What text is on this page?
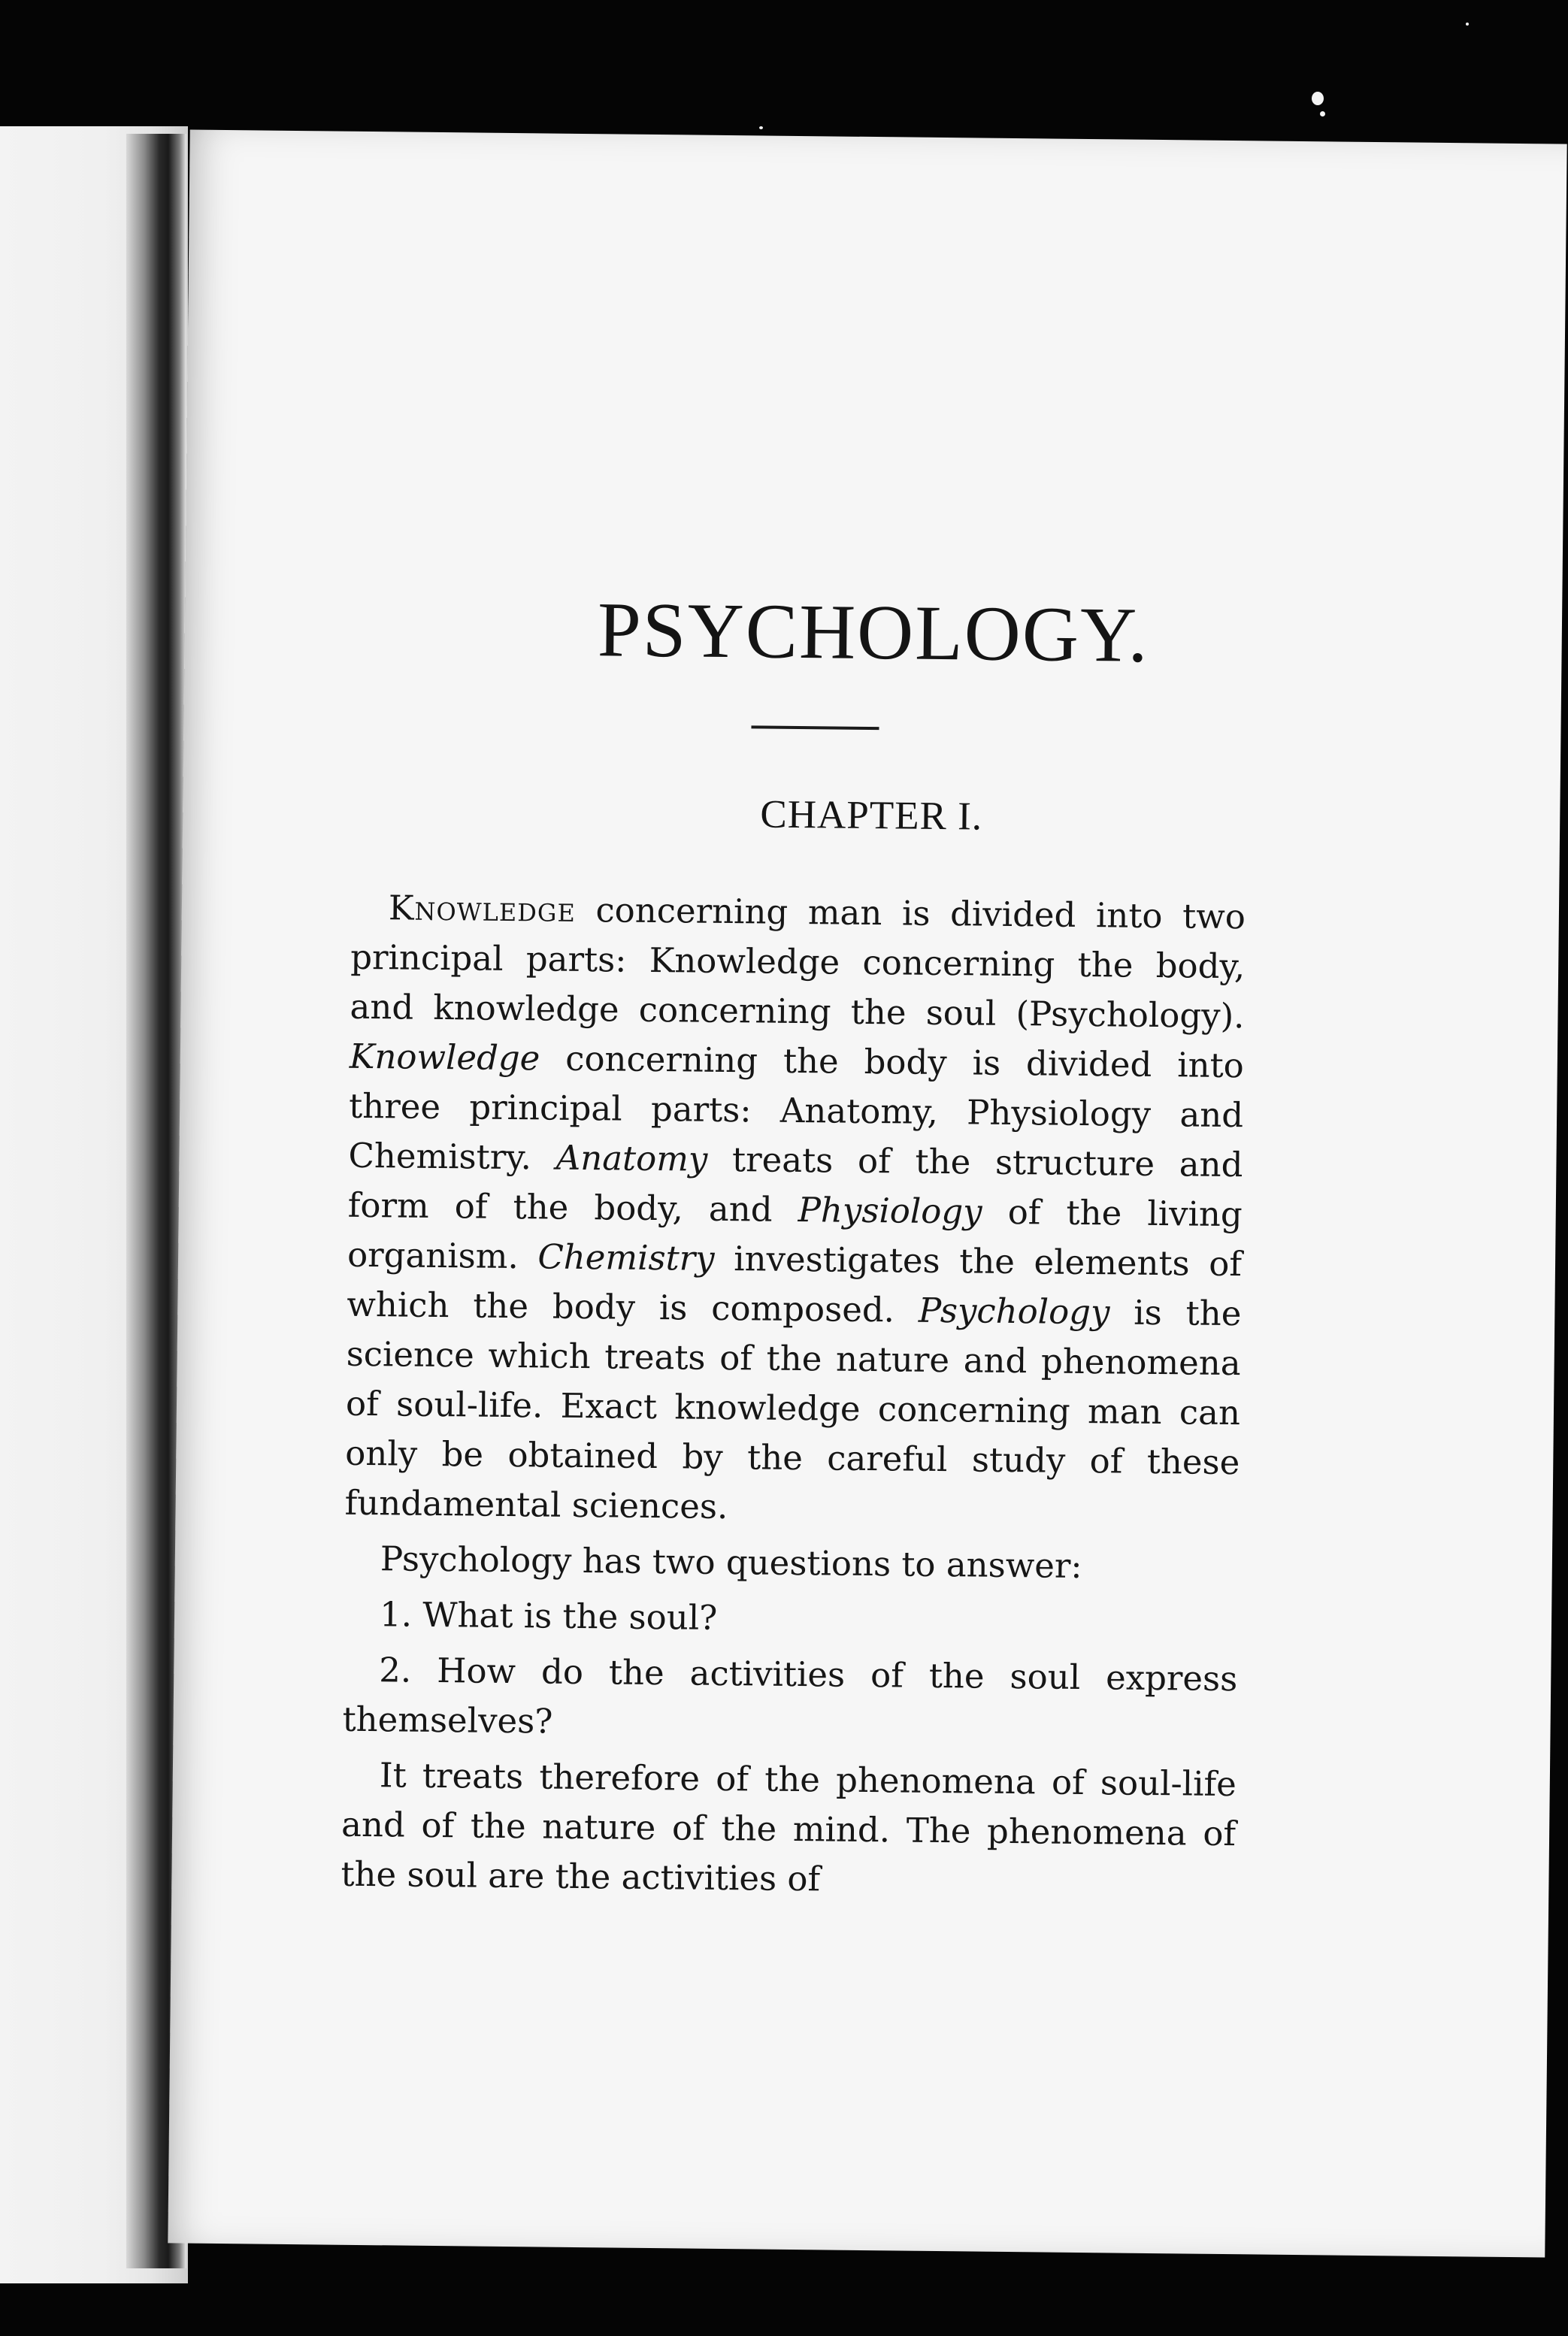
PSYCHOLOGY.
CHAPTER I.

Knowledge concerning man is divided into two principal parts: Knowledge concerning the body, and knowledge concerning the soul (Psychology). Knowledge concerning the body is divided into three principal parts: Anatomy, Physiology and Chemistry. Anatomy treats of the structure and form of the body, and Physiology of the living organism. Chemistry investigates the elements of which the body is composed. Psychology is the science which treats of the nature and phenomena of soul-life. Exact knowledge concerning man can only be obtained by the careful study of these fundamental sciences.

Psychology has two questions to answer:

1. What is the soul?

2. How do the activities of the soul express themselves?

It treats therefore of the phenomena of soul-life and of the nature of the mind. The phenomena of the soul are the activities of
